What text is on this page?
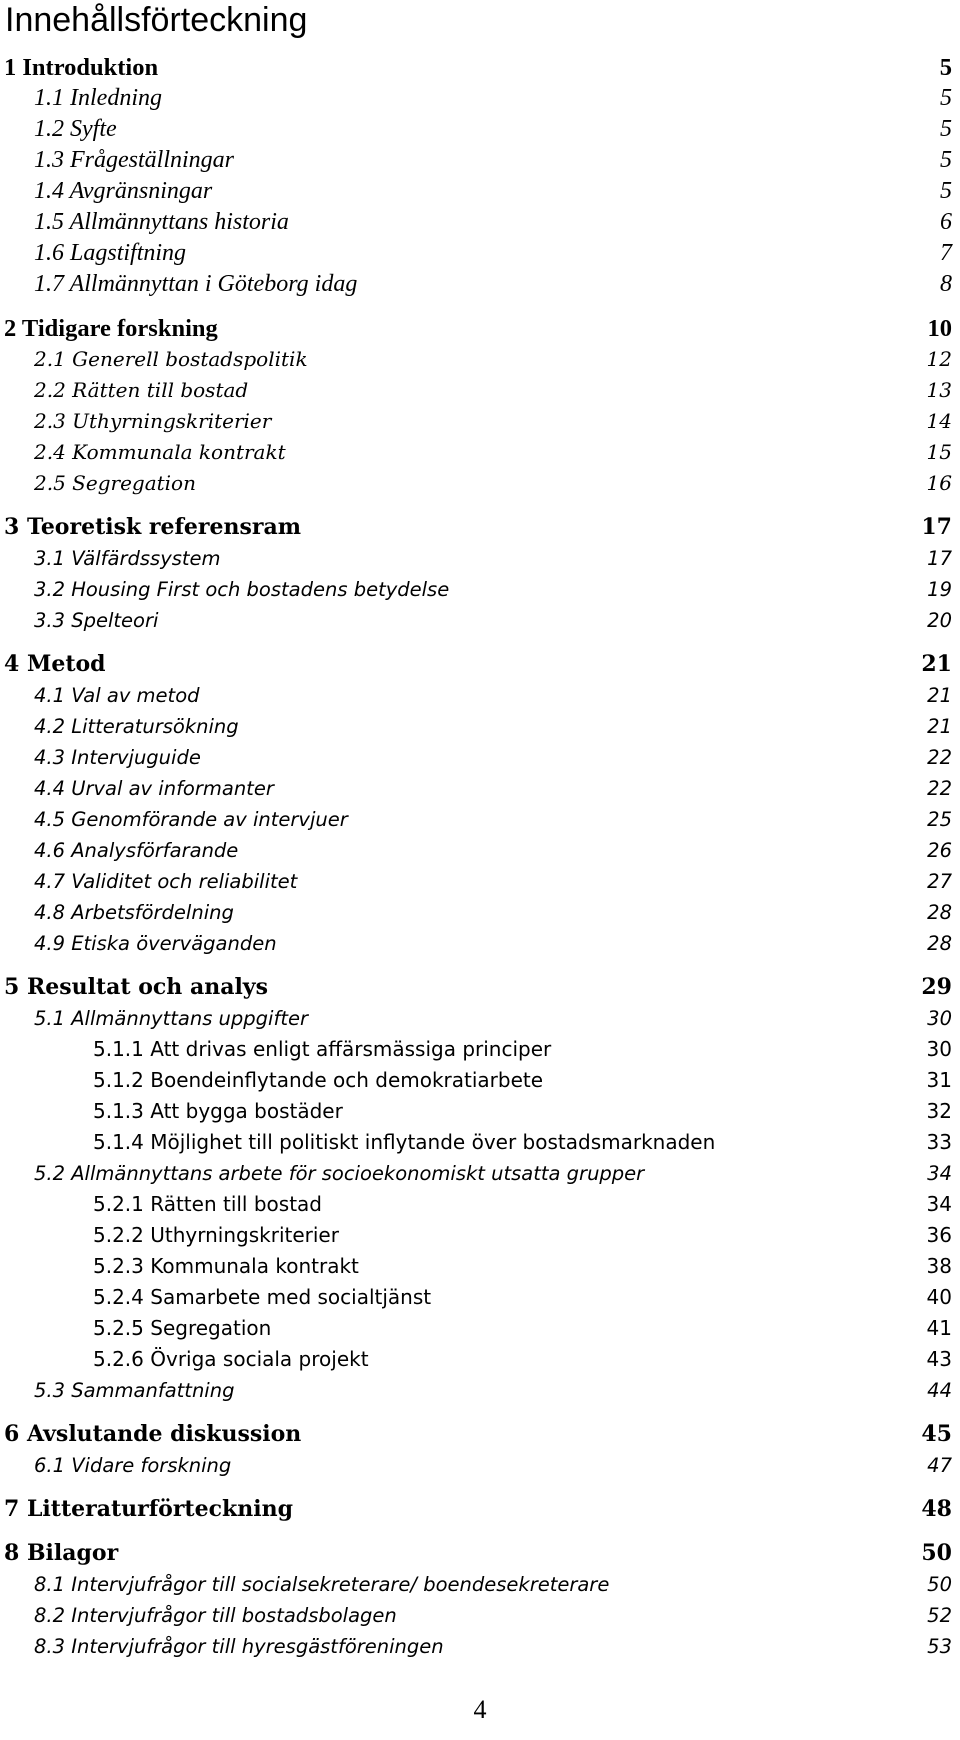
Innehållsförteckning
1 Introduktion	5
1.1 Inledning	5
1.2 Syfte	5
1.3 Frågeställningar	5
1.4 Avgränsningar	5
1.5 Allmännyttans historia	6
1.6 Lagstiftning	7
1.7 Allmännyttan i Göteborg idag	8
2 Tidigare forskning	10
2.1 Generell bostadspolitik	12
2.2 Rätten till bostad	13
2.3 Uthyrningskriterier	14
2.4 Kommunala kontrakt	15
2.5 Segregation	16
3 Teoretisk referensram	17
3.1 Välfärdssystem	17
3.2 Housing First och bostadens betydelse	19
3.3 Spelteori	20
4 Metod	21
4.1 Val av metod	21
4.2 Litteratursökning	21
4.3 Intervjuguide	22
4.4 Urval av informanter	22
4.5 Genomförande av intervjuer	25
4.6 Analysförfarande	26
4.7 Validitet och reliabilitet	27
4.8 Arbetsfördelning	28
4.9 Etiska överväganden	28
5 Resultat och analys	29
5.1 Allmännyttans uppgifter	30
5.1.1 Att drivas enligt affärsmässiga principer	30
5.1.2 Boendeinflytande och demokratiarbete	31
5.1.3 Att bygga bostäder	32
5.1.4 Möjlighet till politiskt inflytande över bostadsmarknaden	33
5.2 Allmännyttans arbete för socioekonomiskt utsatta grupper	34
5.2.1 Rätten till bostad	34
5.2.2 Uthyrningskriterier	36
5.2.3 Kommunala kontrakt	38
5.2.4 Samarbete med socialtjänst	40
5.2.5 Segregation	41
5.2.6 Övriga sociala projekt	43
5.3 Sammanfattning	44
6 Avslutande diskussion	45
6.1 Vidare forskning	47
7 Litteraturförteckning	48
8 Bilagor	50
8.1 Intervjufrågor till socialsekreterare/ boendesekreterare	50
8.2 Intervjufrågor till bostadsbolagen	52
8.3 Intervjufrågor till hyresgästföreningen	53
4
